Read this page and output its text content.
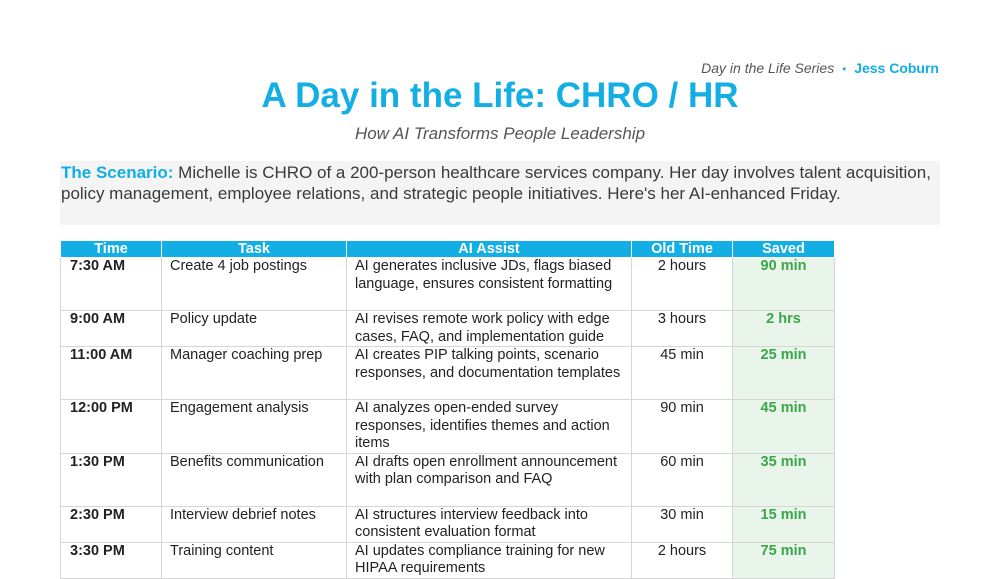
Day in the Life Series • Jess Coburn
A Day in the Life: CHRO / HR
How AI Transforms People Leadership
The Scenario: Michelle is CHRO of a 200-person healthcare services company. Her day involves talent acquisition, policy management, employee relations, and strategic people initiatives. Here's her AI-enhanced Friday.
Time	Task	AI Assist	Old Time	Saved
7:30 AM	Create 4 job postings	AI generates inclusive JDs, flags biased language, ensures consistent formatting	2 hours	90 min
9:00 AM	Policy update	AI revises remote work policy with edge cases, FAQ, and implementation guide	3 hours	2 hrs
11:00 AM	Manager coaching prep	AI creates PIP talking points, scenario responses, and documentation templates	45 min	25 min
12:00 PM	Engagement analysis	AI analyzes open-ended survey responses, identifies themes and action items	90 min	45 min
1:30 PM	Benefits communication	AI drafts open enrollment announcement with plan comparison and FAQ	60 min	35 min
2:30 PM	Interview debrief notes	AI structures interview feedback into consistent evaluation format	30 min	15 min
3:30 PM	Training content	AI updates compliance training for new HIPAA requirements	2 hours	75 min
